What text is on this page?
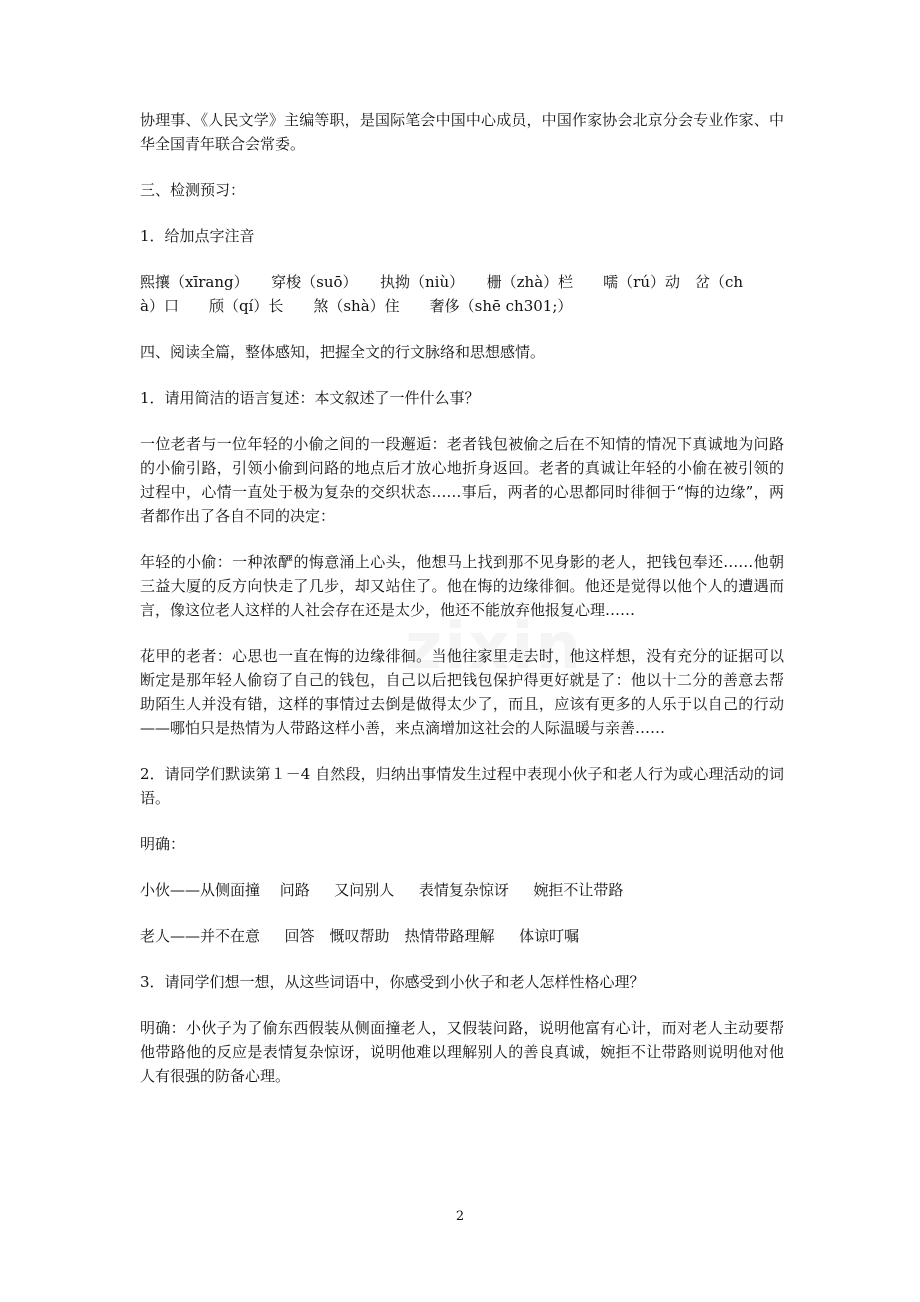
zixin

协理事、《人民文学》主编等职，是国际笔会中国中心成员，中国作家协会北京分会专业作家、中华全国青年联合会常委。

三、检测预习：

1．给加点字注音

熙攘（xīrang）　　穿梭（suō）　　执拗（niù）　　栅（zhà）栏　　嚅（rú）动　岔（ch
à）口　　颀（qí）长　　煞（shà）住　　奢侈（shē ch301;）

四、阅读全篇，整体感知，把握全文的行文脉络和思想感情。

1．请用简洁的语言复述：本文叙述了一件什么事？

一位老者与一位年轻的小偷之间的一段邂逅：老者钱包被偷之后在不知情的情况下真诚地为问路的小偷引路，引领小偷到问路的地点后才放心地折身返回。老者的真诚让年轻的小偷在被引领的过程中，心情一直处于极为复杂的交织状态……事后，两者的心思都同时徘徊于“悔的边缘”，两者都作出了各自不同的决定：

年轻的小偷：一种浓酽的悔意涌上心头，他想马上找到那不见身影的老人，把钱包奉还……他朝三益大厦的反方向快走了几步，却又站住了。他在悔的边缘徘徊。他还是觉得以他个人的遭遇而言，像这位老人这样的人社会存在还是太少，他还不能放弃他报复心理……

花甲的老者：心思也一直在悔的边缘徘徊。当他往家里走去时，他这样想，没有充分的证据可以断定是那年轻人偷窃了自己的钱包，自己以后把钱包保护得更好就是了：他以十二分的善意去帮助陌生人并没有错，这样的事情过去倒是做得太少了，而且，应该有更多的人乐于以自己的行动——哪怕只是热情为人带路这样小善，来点滴增加这社会的人际温暖与亲善……

2．请同学们默读第１－4 自然段，归纳出事情发生过程中表现小伙子和老人行为或心理活动的词语。

明确：

小伙——从侧面撞　 问路　  又问别人　  表情复杂惊讶　  婉拒不让带路

老人——并不在意　  回答　慨叹帮助　热情带路理解　  体谅叮嘱

3．请同学们想一想，从这些词语中，你感受到小伙子和老人怎样性格心理？

明确：小伙子为了偷东西假装从侧面撞老人，又假装问路，说明他富有心计，而对老人主动要帮他带路他的反应是表情复杂惊讶，说明他难以理解别人的善良真诚，婉拒不让带路则说明他对他人有很强的防备心理。

2
